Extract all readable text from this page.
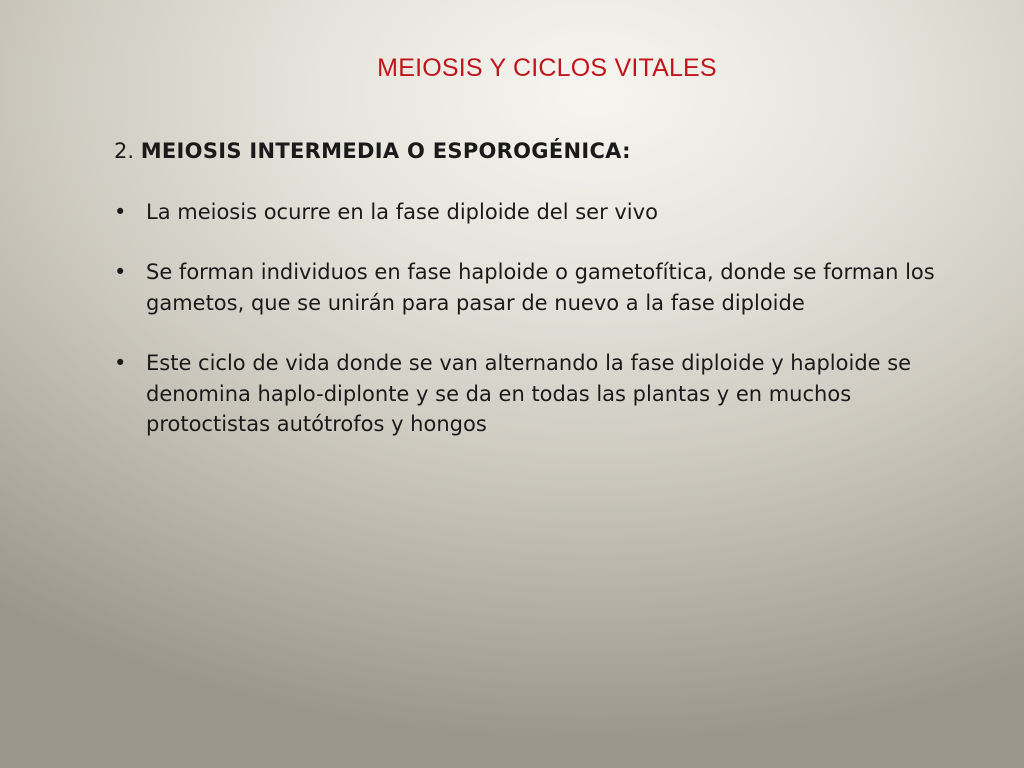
MEIOSIS Y CICLOS VITALES
2. MEIOSIS INTERMEDIA O ESPOROGÉNICA:
• La meiosis ocurre en la fase diploide del ser vivo
• Se forman individuos en fase haploide o gametofítica, donde se forman los gametos, que se unirán para pasar de nuevo a la fase diploide
• Este ciclo de vida donde se van alternando la fase diploide y haploide se denomina haplo-diplonte y se da en todas las plantas y en muchos protoctistas autótrofos y hongos
